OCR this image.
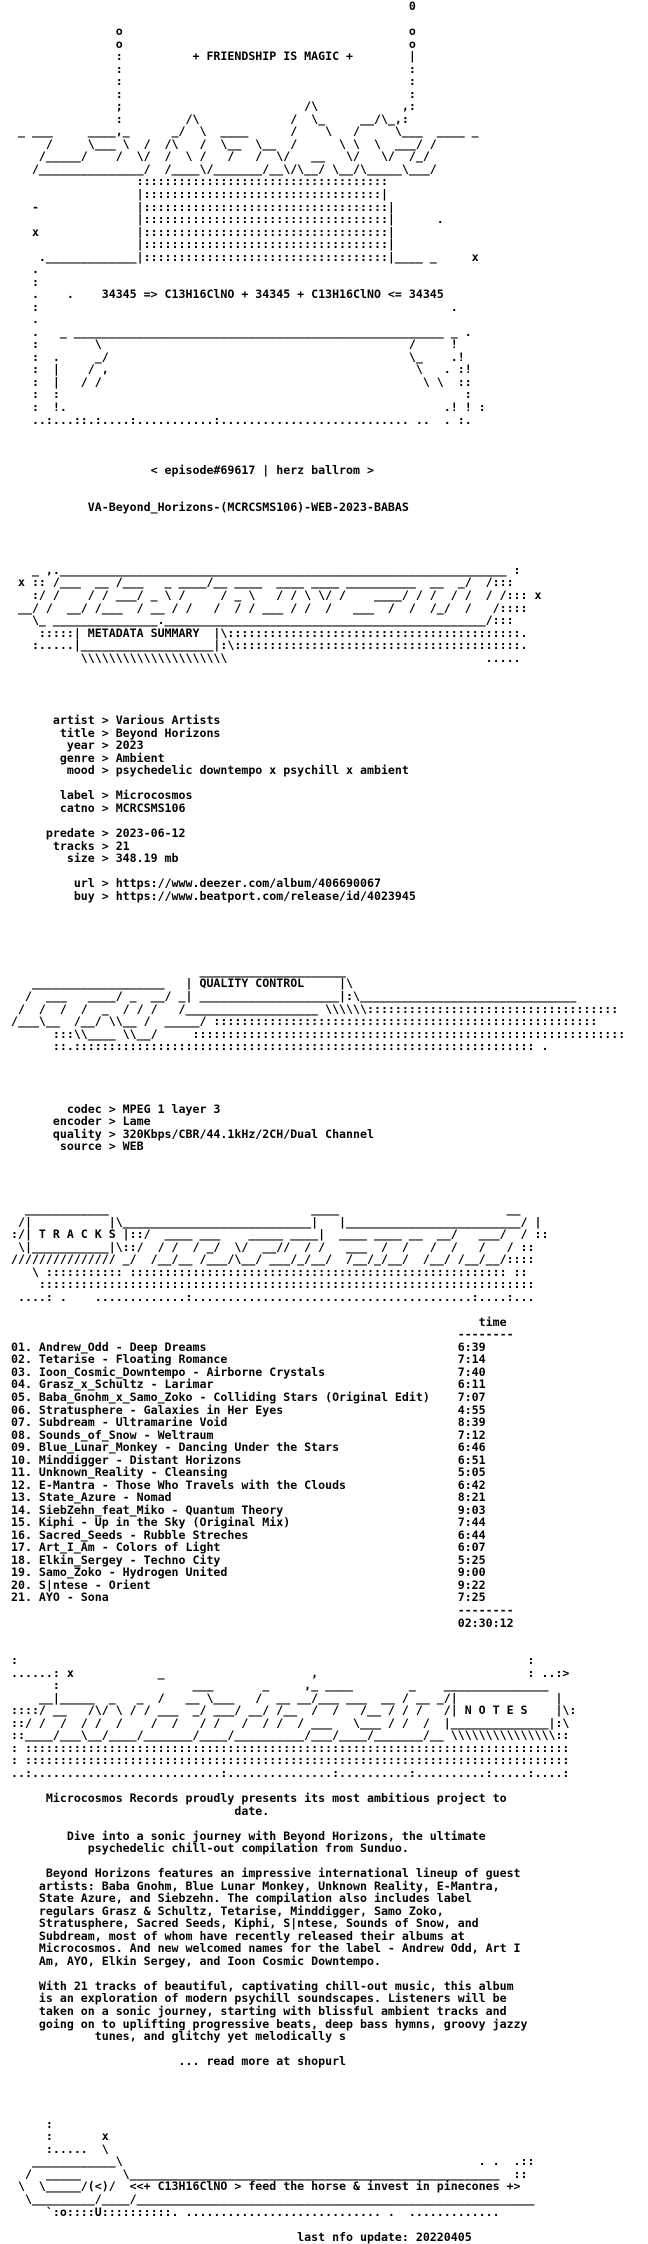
0

o                                         o
o                                         o
:          + FRIENDSHIP IS MAGIC +        |
:                                         :
:                                         :
:                                         :
;                          /\            ,:
:         /\             /  \_     __/\_,:
_ ___     ____,_      _/  \  ____      /    \   /     \___  ____ _
/     \___ \  /  /\   /  \__  \__  /      \ \  \  ___/ /
/_____/    /  \/  /  \ /   /   /  \/   __   \/   \/  /_/
/_______________/  /____\/_______/__\/\__/ \__/\_____\___/
::::::::::::::::::::::::::::::::::::
|::::::::::::::::::::::::::::::::::|
-              |:::::::::::::::::::::::::::::::::::|
|:::::::::::::::::::::::::::::::::::|      .
x              |:::::::::::::::::::::::::::::::::::|
|:::::::::::::::::::::::::::::::::::|
._____________|:::::::::::::::::::::::::::::::::::|____ _     x
.
:
.    .    34345 => C13H16ClNO + 34345 + C13H16ClNO <= 34345
:                                                           .
.
.   _ _____________________________________________________ _ .
:        \                                            /     !
:  .     _/                                           \_    .!
:  |    / ,                                            \   . :!
:  |   / /                                              \ \  ::
:  :                                                          :
:  !.                                                      .! ! :
..:...::.:....:...........:........................... ..  . :.

< episode#69617 | herz ballrom >

VA-Beyond_Horizons-(MCRCSMS106)-WEB-2023-BABAS

_ ,.________________________________________________________________ :
x :: /___  __ /___   _ ____/__ ____  ____ ____ __________  __  _/  /:::
:/ /    / / ___/ _ \ /     / _ \   / / \ \/ /    ____/ / /  / /  / /::: x
__/ /  __/ /___  / __ / /   /  / / ___ / /  /   ___  /  /  /_/  /   /::::
\_ _______________.______________________________________________/:::
:::::| METADATA SUMMARY  |\::::::::::::::::::::::::::::::::::::::::::.
:.....|___________________|:\:::::::::::::::::::::::::::::::::::::::::.
\\\\\\\\\\\\\\\\\\\\\                                     .....

artist > Various Artists
title > Beyond Horizons
year > 2023
genre > Ambient
mood > psychedelic downtempo x psychill x ambient

label > Microcosmos
catno > MCRCSMS106

predate > 2023-06-12
tracks > 21
size > 348.19 mb

url > https://www.deezer.com/album/406690067
buy > https://www.beatport.com/release/id/4023945

_____________________
___________________   | QUALITY CONTROL     |\
/  ___   ____/ _  __/ _| ____________________|:\_______________________________
/  /  /  /  _  / / /   /___________________ \\\\\\::::::::::::::::::::::::::::::::::::
/___\__  /__/ \\__ /  _____/ :::::::::::::::::::::::::::::::::::::::::::::::::::::::
:::\\____ \\__/     ::::::::::::::::::::::::::::::::::::::::::::::::::::::::::::::
::.:::::::::::::::::::::::::::::::::::::::::::::::::::::::::::::::::: .

codec > MPEG 1 layer 3
encoder > Lame
quality > 320Kbps/CBR/44.1kHz/2CH/Dual Channel
source > WEB

____________                             ____                        __
/|           |\___________________________|   |_________________________/ |
:/| T R A C K S |::/  ____ ___    _____ ____|  ____ ____ __  __/   ___/  / ::
\|___________|\::/  / /  / _/  \/  __//  / /   ___  /  /   /  /   /   / ::
/////////////// _/  /__/__ /___/\__/ ___/_/__/  /__/_/__/  /__/ /__/__/::::
\ ::::::::::: :::::::::::::::::::::::::::::::::::::::::::::::::::::: ::
:::::::::::::::::::::::::::::::::::::::::::::::::::::::::::::::::::::::
....: .    .............:........................................:....:...

time
--------
01. Andrew_Odd - Deep Dreams                                    6:39
02. Tetarise - Floating Romance                                 7:14
03. Ioon_Cosmic_Downtempo - Airborne Crystals                   7:40
04. Grasz_x_Schultz - Larimar                                   6:11
05. Baba_Gnohm_x_Samo_Zoko - Colliding Stars (Original Edit)    7:07
06. Stratusphere - Galaxies in Her Eyes                         4:55
07. Subdream - Ultramarine Void                                 8:39
08. Sounds_of_Snow - Weltraum                                   7:12
09. Blue_Lunar_Monkey - Dancing Under the Stars                 6:46
10. Minddigger - Distant Horizons                               6:51
11. Unknown_Reality - Cleansing                                 5:05
12. E-Mantra - Those Who Travels with the Clouds                6:42
13. State_Azure - Nomad                                         8:21
14. SiebZehn_feat_Miko - Quantum Theory                         9:03
15. Kiphi - Up in the Sky (Original Mix)                        7:44
16. Sacred_Seeds - Rubble Streches                              6:44
17. Art_I_Am - Colors of Light                                  6:07
18. Elkin_Sergey - Techno City                                  5:25
19. Samo_Zoko - Hydrogen United                                 9:00
20. S|ntese - Orient                                            9:22
21. AYO - Sona                                                  7:25
--------
02:30:12

:                                                                         :
......: x            _                     ,                              : ..:>
:                   ___       _     ,_ ____        _    _______________
__|_____  _   _  /   __ \___   /  __ __/___ ___  __ / __ _/|              |
::::/ __   /\/ \ / / ___  _/ ___/ __/ /__  /  /   /__ / / /   /| N O T E S    |\:
::/ /  /  / /  /    /  /   / /   /  / /  / ___   \___ / /  /  |______________|:\
::____/___\__/____/_______/____/__________/___/____/_______/__ \\\\\\\\\\\\\\\::
: ::::::::::::::::::::::::::::::::::::::::::::::::::::::::::::::::::::::::::::::
: ::::::::::::::::::::::::::::::::::::::::::::::::::::::::::::::::::::::::::::::
..:...........................:...............:..........:..........:.....:....:

Microcosmos Records proudly presents its most ambitious project to
date.

Dive into a sonic journey with Beyond Horizons, the ultimate
psychedelic chill-out compilation from Sunduo.

Beyond Horizons features an impressive international lineup of guest
artists: Baba Gnohm, Blue Lunar Monkey, Unknown Reality, E-Mantra,
State Azure, and Siebzehn. The compilation also includes label
regulars Grasz & Schultz, Tetarise, Minddigger, Samo Zoko,
Stratusphere, Sacred Seeds, Kiphi, S|ntese, Sounds of Snow, and
Subdream, most of whom have recently released their albums at
Microcosmos. And new welcomed names for the label - Andrew Odd, Art I
Am, AYO, Elkin Sergey, and Ioon Cosmic Downtempo.

With 21 tracks of beautiful, captivating chill-out music, this album
is an exploration of modern psychill soundscapes. Listeners will be
taken on a sonic journey, starting with blissful ambient tracks and
going on to uplifting progressive beats, deep bass hymns, groovy jazzy
tunes, and glitchy yet melodically s

... read more at shopurl

:
:       x
:.....  \
____________\                                                   . .  .::
/  _____      \_____________________________________________________  ::
\  \_____/(<)/  <<+ C13H16ClNO > feed the horse & invest in pinecones +>
\_________/____/_________________________________________________________
`:o::::U::::::::::. ............................ .  .............

last nfo update: 20220405
